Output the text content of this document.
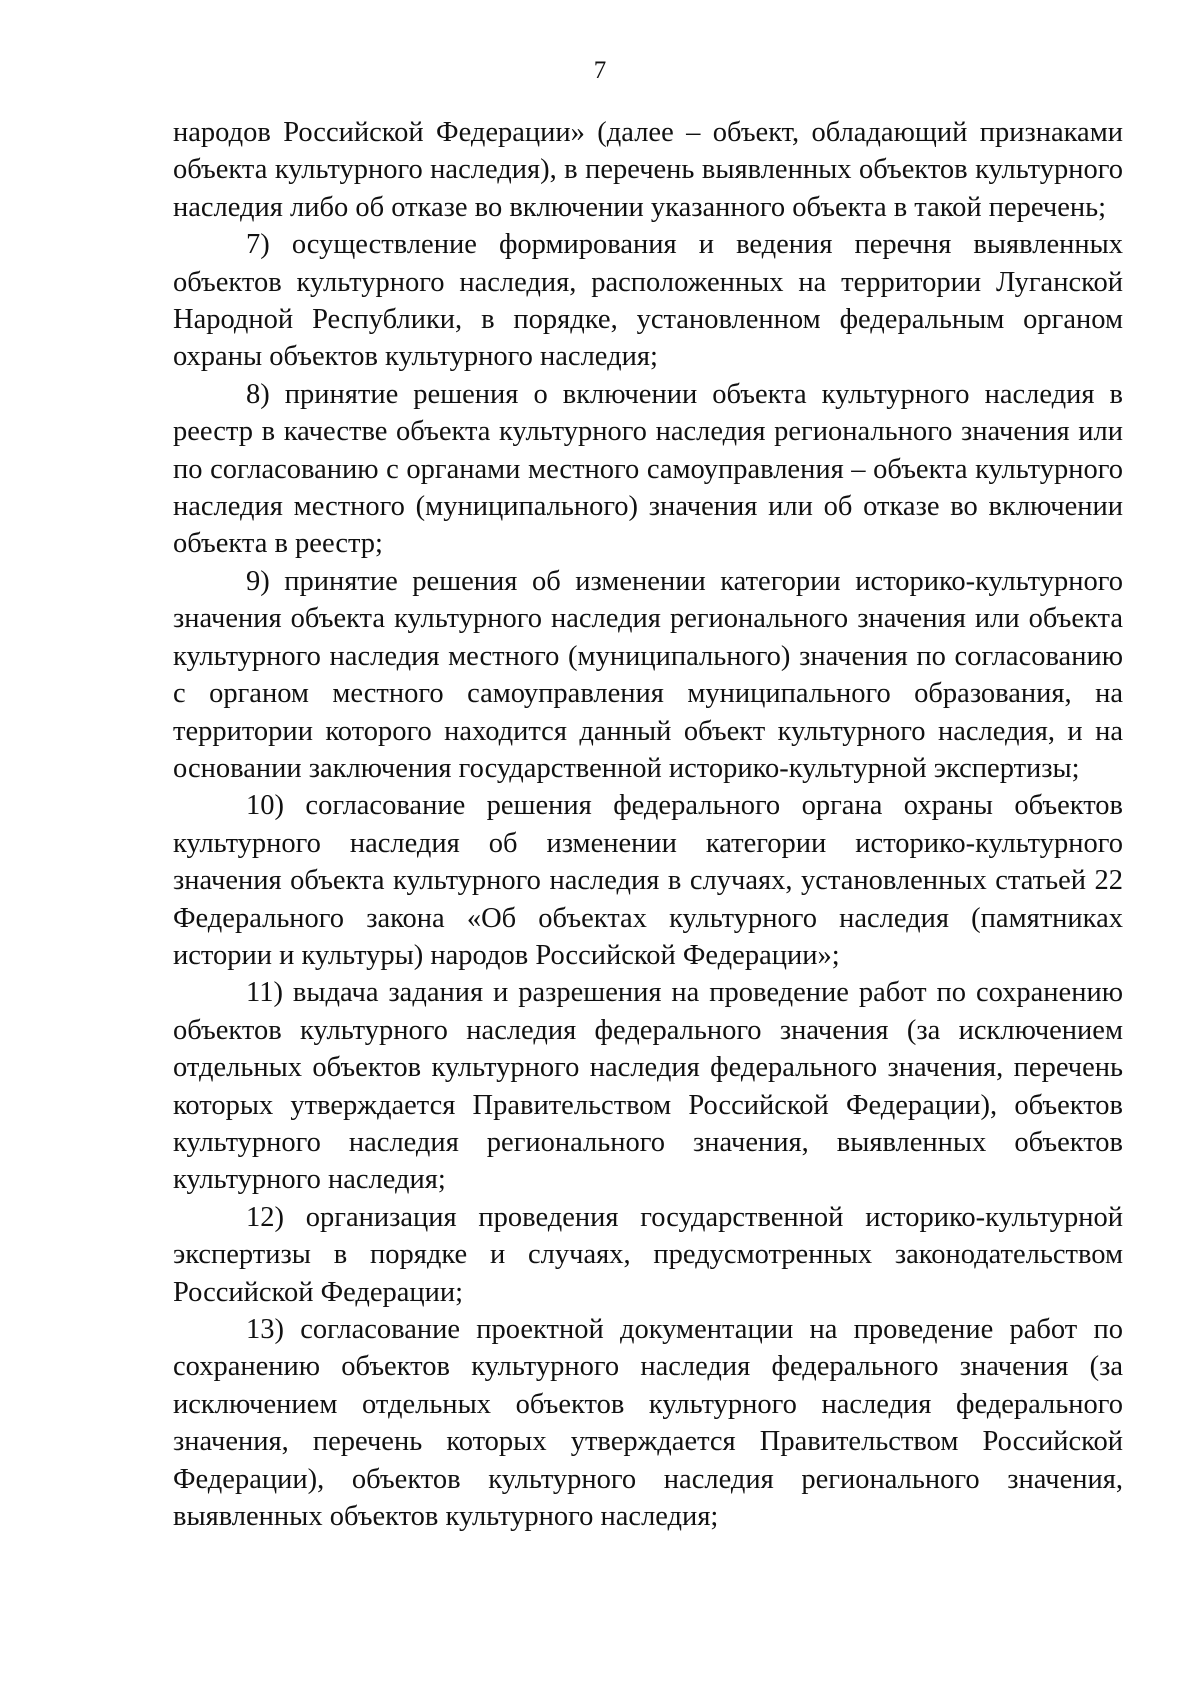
7

народов Российской Федерации» (далее – объект, обладающий признаками объекта культурного наследия), в перечень выявленных объектов культурного наследия либо об отказе во включении указанного объекта в такой перечень;

7) осуществление формирования и ведения перечня выявленных объектов культурного наследия, расположенных на территории Луганской Народной Республики, в порядке, установленном федеральным органом охраны объектов культурного наследия;

8) принятие решения о включении объекта культурного наследия в реестр в качестве объекта культурного наследия регионального значения или по согласованию с органами местного самоуправления – объекта культурного наследия местного (муниципального) значения или об отказе во включении объекта в реестр;

9) принятие решения об изменении категории историко-культурного значения объекта культурного наследия регионального значения или объекта культурного наследия местного (муниципального) значения по согласованию с органом местного самоуправления муниципального образования, на территории которого находится данный объект культурного наследия, и на основании заключения государственной историко-культурной экспертизы;

10) согласование решения федерального органа охраны объектов культурного наследия об изменении категории историко-культурного значения объекта культурного наследия в случаях, установленных статьей 22 Федерального закона «Об объектах культурного наследия (памятниках истории и культуры) народов Российской Федерации»;

11) выдача задания и разрешения на проведение работ по сохранению объектов культурного наследия федерального значения (за исключением отдельных объектов культурного наследия федерального значения, перечень которых утверждается Правительством Российской Федерации), объектов культурного наследия регионального значения, выявленных объектов культурного наследия;

12) организация проведения государственной историко-культурной экспертизы в порядке и случаях, предусмотренных законодательством Российской Федерации;

13) согласование проектной документации на проведение работ по сохранению объектов культурного наследия федерального значения (за исключением отдельных объектов культурного наследия федерального значения, перечень которых утверждается Правительством Российской Федерации), объектов культурного наследия регионального значения, выявленных объектов культурного наследия;
